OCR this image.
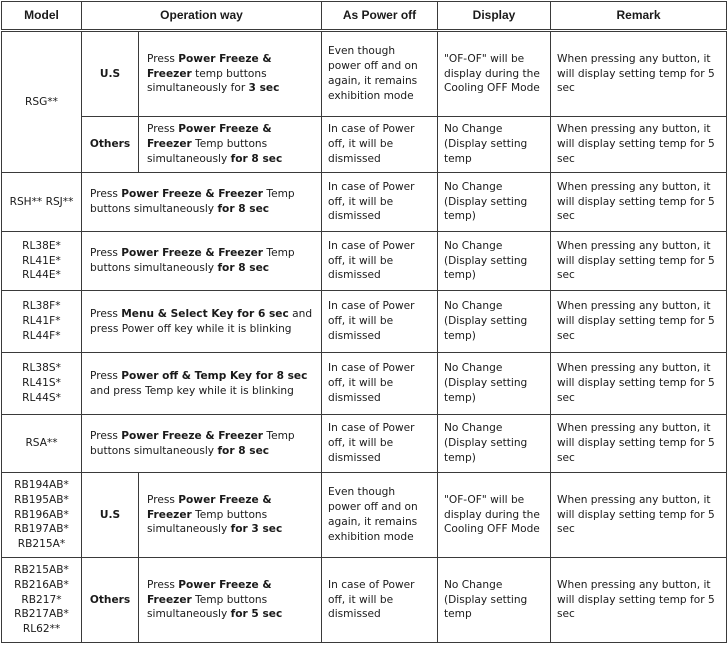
Model	Operation way		As Power off	Display	Remark
RSG**	U.S	Press Power Freeze & Freezer temp buttons simultaneously for 3 sec	Even though power off and on again, it remains exhibition mode	"OF-OF" will be display during the Cooling OFF Mode	When pressing any button, it will display setting temp for 5 sec
	Others	Press Power Freeze & Freezer Temp buttons simultaneously for 8 sec	In case of Power off, it will be dismissed	No Change (Display setting temp	When pressing any button, it will display setting temp for 5 sec
RSH** RSJ**	Press Power Freeze & Freezer Temp buttons simultaneously for 8 sec		In case of Power off, it will be dismissed	No Change (Display setting temp)	When pressing any button, it will display setting temp for 5 sec
RL38E* RL41E* RL44E*	Press Power Freeze & Freezer Temp buttons simultaneously for 8 sec		In case of Power off, it will be dismissed	No Change (Display setting temp)	When pressing any button, it will display setting temp for 5 sec
RL38F* RL41F* RL44F*	Press Menu & Select Key for 6 sec and press Power off key while it is blinking		In case of Power off, it will be dismissed	No Change (Display setting temp)	When pressing any button, it will display setting temp for 5 sec
RL38S* RL41S* RL44S*	Press Power off & Temp Key for 8 sec and press Temp key while it is blinking		In case of Power off, it will be dismissed	No Change (Display setting temp)	When pressing any button, it will display setting temp for 5 sec
RSA**	Press Power Freeze & Freezer Temp buttons simultaneously for 8 sec		In case of Power off, it will be dismissed	No Change (Display setting temp)	When pressing any button, it will display setting temp for 5 sec
RB194AB* RB195AB* RB196AB* RB197AB* RB215A*	U.S	Press Power Freeze & Freezer Temp buttons simultaneously for 3 sec	Even though power off and on again, it remains exhibition mode	"OF-OF" will be display during the Cooling OFF Mode	When pressing any button, it will display setting temp for 5 sec
RB215AB* RB216AB* RB217* RB217AB* RL62**	Others	Press Power Freeze & Freezer Temp buttons simultaneously for 5 sec	In case of Power off, it will be dismissed	No Change (Display setting temp	When pressing any button, it will display setting temp for 5 sec
